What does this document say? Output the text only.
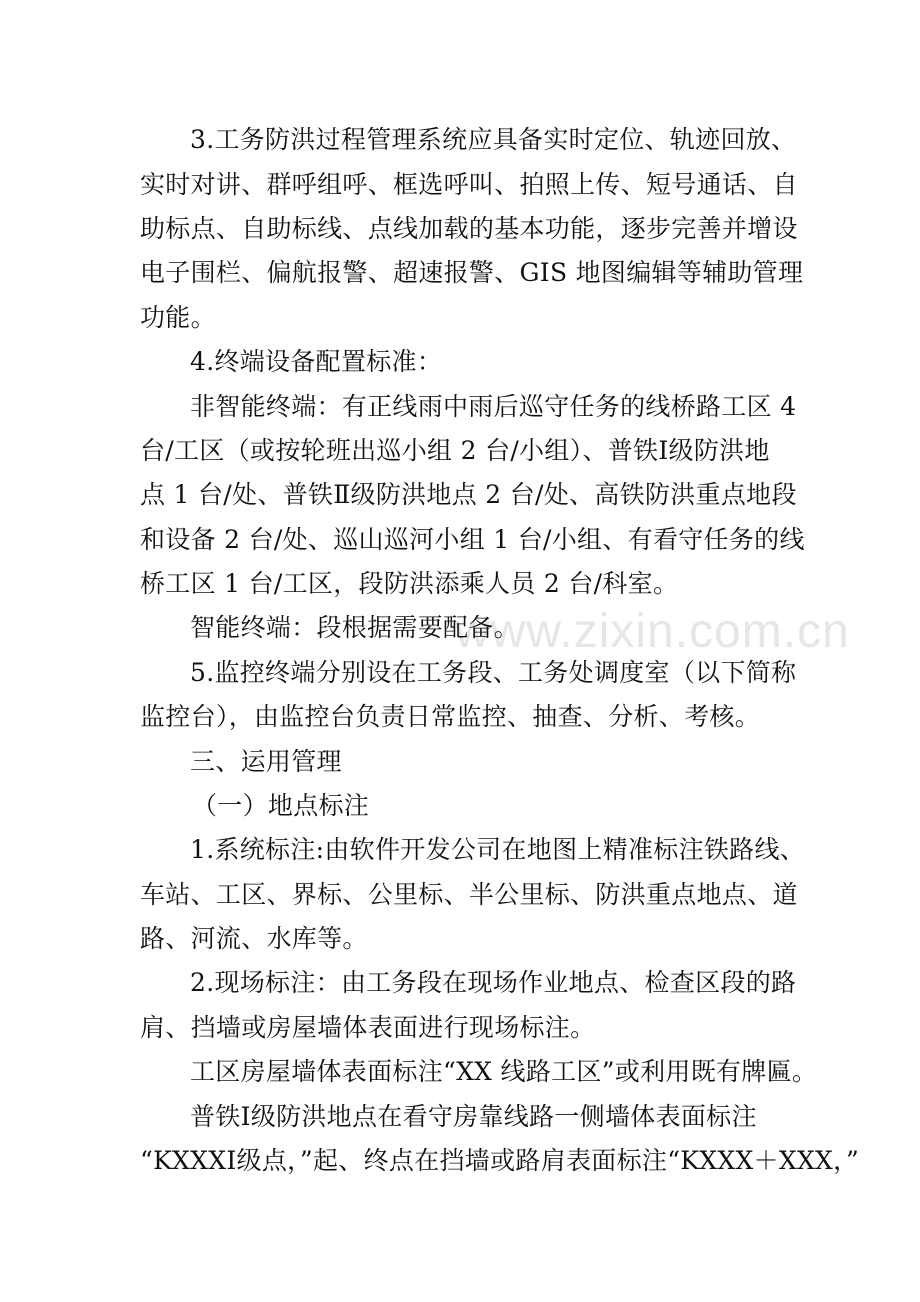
www.zixin.com.cn
3.工务防洪过程管理系统应具备实时定位、轨迹回放、
实时对讲、群呼组呼、框选呼叫、拍照上传、短号通话、自
助标点、自助标线、点线加载的基本功能，逐步完善并增设
电子围栏、偏航报警、超速报警、GIS 地图编辑等辅助管理
功能。
4.终端设备配置标准：
非智能终端：有正线雨中雨后巡守任务的线桥路工区 4
台/工区（或按轮班出巡小组 2 台/小组）、普铁Ⅰ级防洪地
点 1 台/处、普铁Ⅱ级防洪地点 2 台/处、高铁防洪重点地段
和设备 2 台/处、巡山巡河小组 1 台/小组、有看守任务的线
桥工区 1 台/工区，段防洪添乘人员 2 台/科室。
智能终端：段根据需要配备。
5.监控终端分别设在工务段、工务处调度室（以下简称
监控台），由监控台负责日常监控、抽查、分析、考核。
三、运用管理
（一）地点标注
1.系统标注:由软件开发公司在地图上精准标注铁路线、
车站、工区、界标、公里标、半公里标、防洪重点地点、道
路、河流、水库等。
2.现场标注：由工务段在现场作业地点、检查区段的路
肩、挡墙或房屋墙体表面进行现场标注。
工区房屋墙体表面标注“XX 线路工区”或利用既有牌匾。
普铁Ⅰ级防洪地点在看守房靠线路一侧墙体表面标注
“KXXXⅠ级点，”起、终点在挡墙或路肩表面标注“KXXX＋XXX，”
